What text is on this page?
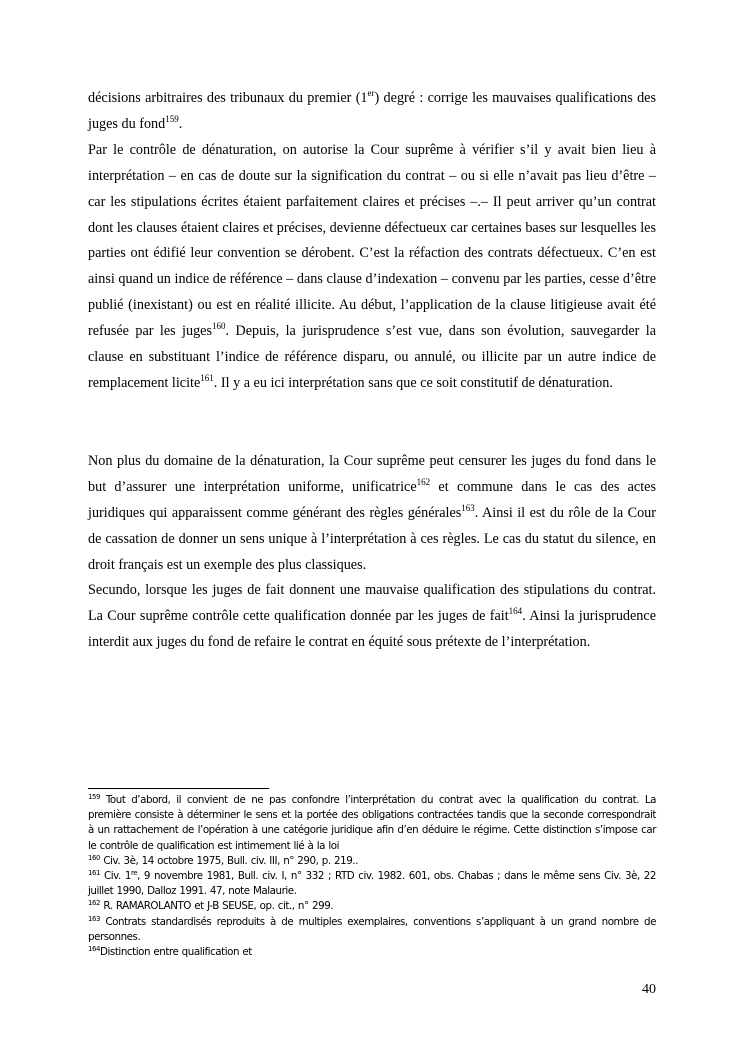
décisions arbitraires des tribunaux du premier (1er) degré : corrige les mauvaises qualifications des juges du fond$^{159}$.

Par le contrôle de dénaturation, on autorise la Cour suprême à vérifier s’il y avait bien lieu à interprétation – en cas de doute sur la signification du contrat – ou si elle n’avait pas lieu d’être – car les stipulations écrites étaient parfaitement claires et précises –.– Il peut arriver qu’un contrat dont les clauses étaient claires et précises, devienne défectueux car certaines bases sur lesquelles les parties ont édifié leur convention se dérobent. C’est la réfaction des contrats défectueux. C’en est ainsi quand un indice de référence – dans clause d’indexation – convenu par les parties, cesse d’être publié (inexistant) ou est en réalité illicite. Au début, l’application de la clause litigieuse avait été refusée par les juges$^{160}$. Depuis, la jurisprudence s’est vue, dans son évolution, sauvegarder la clause en substituant l’indice de référence disparu, ou annulé, ou illicite par un autre indice de remplacement licite$^{161}$. Il y a eu ici interprétation sans que ce soit constitutif de dénaturation.

Non plus du domaine de la dénaturation, la Cour suprême peut censurer les juges du fond dans le but d’assurer une interprétation uniforme, unificatrice$^{162}$ et commune dans le cas des actes juridiques qui apparaissent comme générant des règles générales$^{163}$. Ainsi il est du rôle de la Cour de cassation de donner un sens unique à l’interprétation à ces règles. Le cas du statut du silence, en droit français est un exemple des plus classiques.

Secundo, lorsque les juges de fait donnent une mauvaise qualification des stipulations du contrat. La Cour suprême contrôle cette qualification donnée par les juges de fait$^{164}$. Ainsi la jurisprudence interdit aux juges du fond de refaire le contrat en équité sous prétexte de l’interprétation.

$^{159}$ Tout d’abord, il convient de ne pas confondre l’interprétation du contrat avec la qualification du contrat. La première consiste à déterminer le sens et la portée des obligations contractées tandis que la seconde correspondrait à un rattachement de l’opération à une catégorie juridique afin d’en déduire le régime. Cette distinction s’impose car le contrôle de qualification est intimement lié à la loi

$^{160}$ Civ. 3è, 14 octobre 1975, Bull. civ. III, n° 290, p. 219..

$^{161}$ Civ. 1re, 9 novembre 1981, Bull. civ. I, n° 332 ; RTD civ. 1982. 601, obs. Chabas ; dans le même sens Civ. 3è, 22 juillet 1990, Dalloz 1991. 47, note Malaurie.

$^{162}$ R. RAMAROLANTO et J-B SEUSE, op. cit., n° 299.

$^{163}$ Contrats standardisés reproduits à de multiples exemplaires, conventions s’appliquant à un grand nombre de personnes.

$^{164}$Distinction entre qualification et

40
